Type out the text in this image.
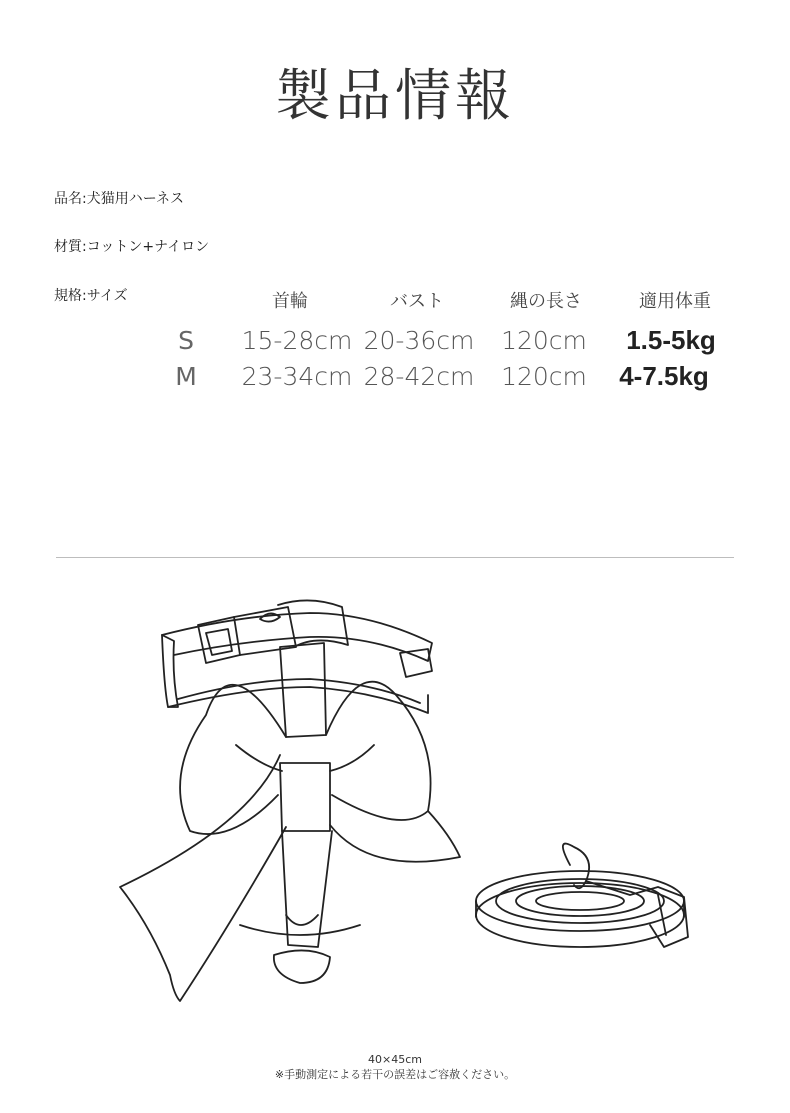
製品情報
品名:犬猫用ハーネス
材質:コットン+ナイロン
規格:サイズ	首輪	バスト	縄の長さ	適用体重
S 15-28cm 20-36cm 120cm 1.5-5kg
M 23-34cm 28-42cm 120cm 4-7.5kg
40×45cm
※手動測定による若干の誤差はご容赦ください。
